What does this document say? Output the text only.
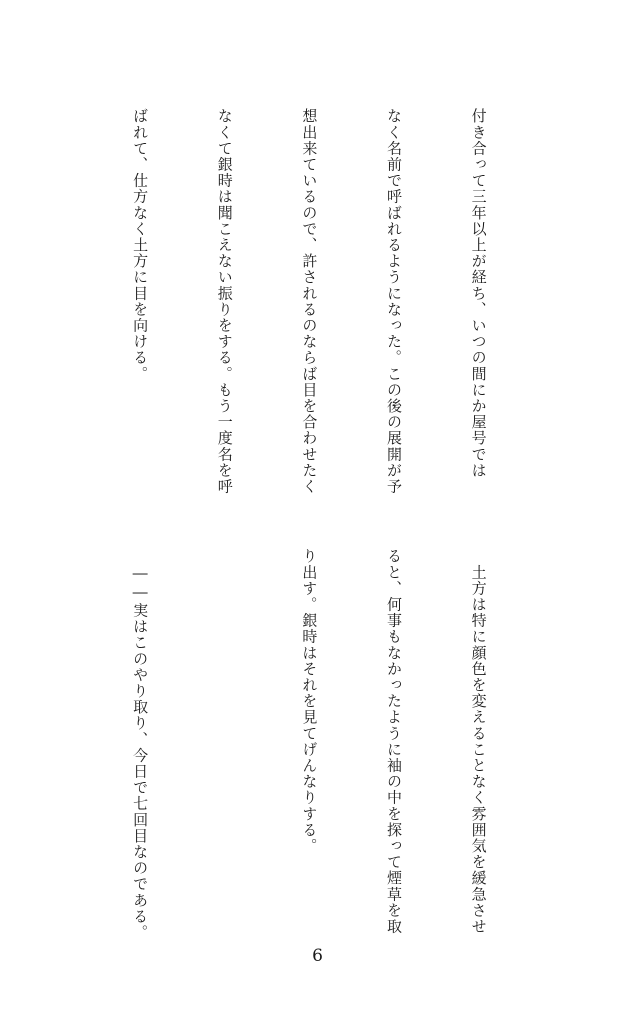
付き合って三年以上が経ち、いつの間にか屋号では

なく名前で呼ばれるようになった。この後の展開が予

想出来ているので、許されるのならば目を合わせたく

なくて銀時は聞こえない振りをする。もう一度名を呼

ばれて、仕方なく土方に目を向ける。

　土方は特に顔色を変えることなく雰囲気を緩急させ

ると、何事もなかったように袖の中を探って煙草を取

り出す。銀時はそれを見てげんなりする。

　――実はこのやり取り、今日で七回目なのである。

6
